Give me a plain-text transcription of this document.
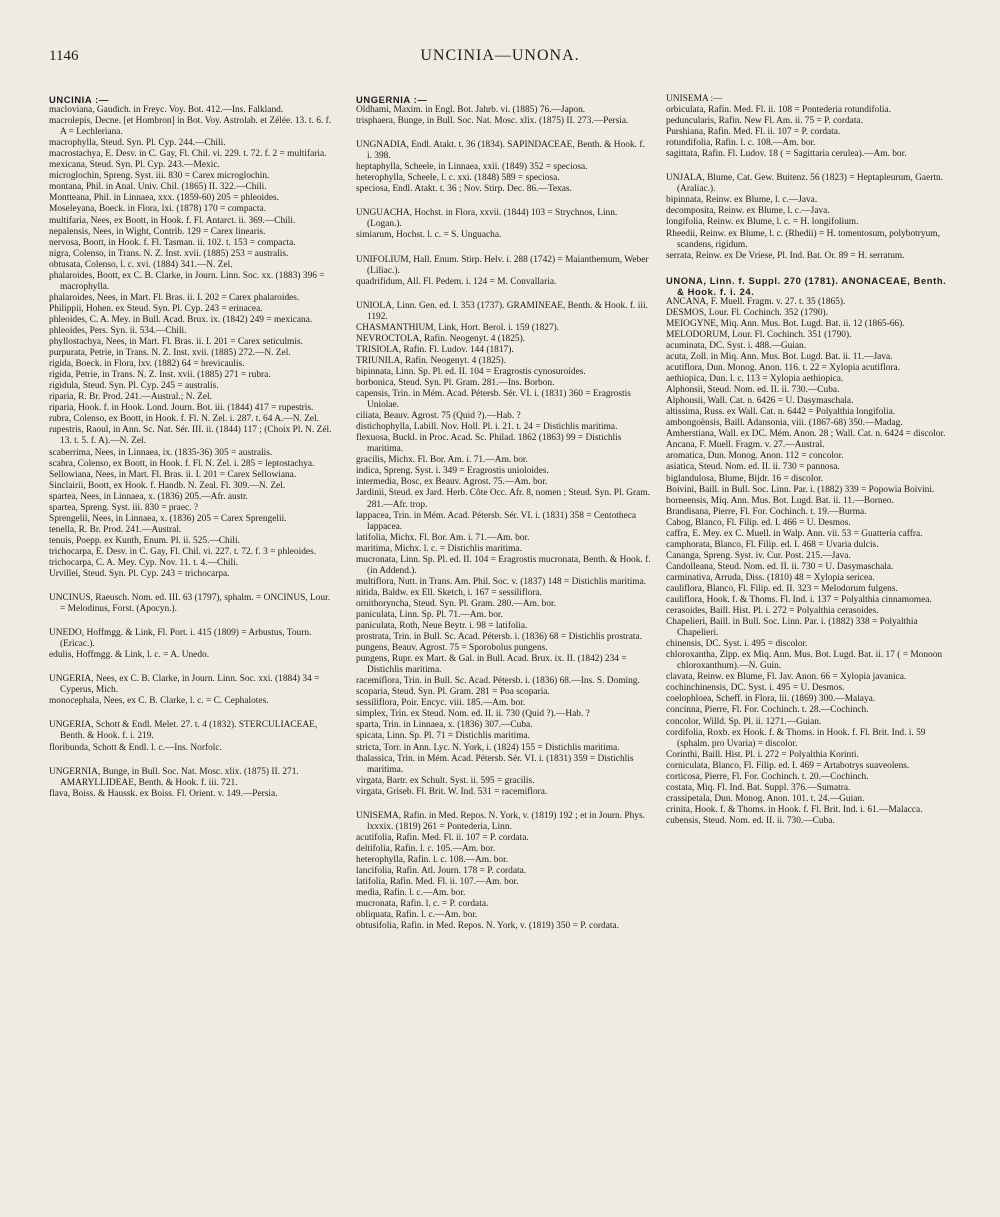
1146	UNCINIA—UNONA.
UNCINIA :—
macloviana, Gaudich. in Freyc. Voy. Bot. 412.—Ins. Falkland.
macrolepis, Decne. [et Hombron] in Bot. Voy. Astrolab. et Zélée. 13. t. 6. f. A = Lechleriana.
macrophylla, Steud. Syn. Pl. Cyp. 244.—Chili.
macrostachya, E. Desv. in C. Gay, Fl. Chil. vi. 229. t. 72. f. 2 = multifaria.
mexicana, Steud. Syn. Pl. Cyp. 243.—Mexic.
microglochin, Spreng. Syst. iii. 830 = Carex microglochin.
montana, Phil. in Anal. Univ. Chil. (1865) II. 322.—Chili.
Montteana, Phil. in Linnaea, xxx. (1859-60) 205 = phleoides.
Moseleyana, Boeck. in Flora, lxi. (1878) 170 = compacta.
multifaria, Nees, ex Boott, in Hook. f. Fl. Antarct. ii. 369.—Chili.
nepalensis, Nees, in Wight, Contrib. 129 = Carex linearis.
nervosa, Boott, in Hook. f. Fl. Tasman. ii. 102. t. 153 = compacta.
nigra, Colenso, in Trans. N. Z. Inst. xvii. (1885) 253 = australis.
obtusata, Colenso, l. c. xvi. (1884) 341.—N. Zel.
phalaroides, Boott, ex C. B. Clarke, in Journ. Linn. Soc. xx. (1883) 396 = macrophylla.
phalaroides, Nees, in Mart. Fl. Bras. ii. I. 202 = Carex phalaroides.
Philippii, Hohen. ex Steud. Syn. Pl. Cyp. 243 = erinacea.
phleoides, C. A. Mey. in Bull. Acad. Brux. ix. (1842) 249 = mexicana.
phleoides, Pers. Syn. ii. 534.—Chili.
phyllostachya, Nees, in Mart. Fl. Bras. ii. I. 201 = Carex seticulmis.
purpurata, Petrie, in Trans. N. Z. Inst. xvii. (1885) 272.—N. Zel.
rigida, Boeck. in Flora, lxv. (1882) 64 = brevicaulis.
rigida, Petrie, in Trans. N. Z. Inst. xvii. (1885) 271 = rubra.
rigidula, Steud. Syn. Pl. Cyp. 245 = australis.
riparia, R. Br. Prod. 241.—Austral.; N. Zel.
riparia, Hook. f. in Hook. Lond. Journ. Bot. iii. (1844) 417 = rupestris.
rubra, Colenso, ex Boott, in Hook. f. Fl. N. Zel. i. 287. t. 64 A.—N. Zel.
rupestris, Raoul, in Ann. Sc. Nat. Sér. III. ii. (1844) 117 ; (Choix Pl. N. Zél. 13. t. 5. f. A).—N. Zel.
scaberrima, Nees, in Linnaea, ix. (1835-36) 305 = australis.
scabra, Colenso, ex Boott, in Hook. f. Fl. N. Zel. i. 285 = leptostachya.
Sellowiana, Nees, in Mart. Fl. Bras. ii. I. 201 = Carex Sellowiana.
Sinclairii, Boott, ex Hook. f. Handb. N. Zeal. Fl. 309.—N. Zel.
spartea, Nees, in Linnaea, x. (1836) 205.—Afr. austr.
spartea, Spreng. Syst. iii. 830 = praec. ?
Sprengelii, Nees, in Linnaea, x. (1836) 205 = Carex Sprengelii.
tenella, R. Br. Prod. 241.—Austral.
tenuis, Poepp. ex Kunth, Enum. Pl. ii. 525.—Chili.
trichocarpa, E. Desv. in C. Gay, Fl. Chil. vi. 227. t. 72. f. 3 = phleoides.
trichocarpa, C. A. Mey. Cyp. Nov. 11. t. 4.—Chili.
Urvillei, Steud. Syn. Pl. Cyp. 243 = trichocarpa.
UNCINUS, Raeusch. Nom. ed. III. 63 (1797), sphalm. = ONCINUS, Lour. = Melodinus, Forst. (Apocyn.).
UNEDO, Hoffmgg. & Link, Fl. Port. i. 415 (1809) = Arbustus, Tourn. (Ericac.).
edulis, Hoffmgg. & Link, l. c. = A. Unedo.
UNGERIA, Nees, ex C. B. Clarke, in Journ. Linn. Soc. xxi. (1884) 34 = Cyperus, Mich.
monocephala, Nees, ex C. B. Clarke, l. c. = C. Cephalotes.
UNGERIA, Schott & Endl. Melet. 27. t. 4 (1832). STERCULIACEAE, Benth. & Hook. f. i. 219.
floribunda, Schott & Endl. l. c.—Ins. Norfolc.
UNGERNIA, Bunge, in Bull. Soc. Nat. Mosc. xlix. (1875) II. 271. AMARYLLIDEAE, Benth. & Hook. f. iii. 721.
flava, Boiss. & Haussk. ex Boiss. Fl. Orient. v. 149.—Persia.
UNGERNIA :—
Oldhami, Maxim. in Engl. Bot. Jahrb. vi. (1885) 76.—Japon.
trisphaera, Bunge, in Bull. Soc. Nat. Mosc. xlix. (1875) II. 273.—Persia.
UNGNADIA, Endl. Atakt. t. 36 (1834). SAPINDACEAE, Benth. & Hook. f. i. 398.
heptaphylla, Scheele, in Linnaea, xxii. (1849) 352 = speciosa.
heterophylla, Scheele, l. c. xxi. (1848) 589 = speciosa.
speciosa, Endl. Atakt. t. 36 ; Nov. Stirp. Dec. 86.—Texas.
UNGUACHA, Hochst. in Flora, xxvii. (1844) 103 = Strychnos, Linn. (Logan.).
simiarum, Hochst. l. c. = S. Unguacha.
UNIFOLIUM, Hall. Enum. Stirp. Helv. i. 288 (1742) = Maianthemum, Weber (Liliac.).
quadrifidum, All. Fl. Pedem. i. 124 = M. Convallaria.
UNIOLA, Linn. Gen. ed. I. 353 (1737). GRAMINEAE, Benth. & Hook. f. iii. 1192.
CHASMANTHIUM, Link, Hort. Berol. i. 159 (1827).
NEVROCTOLA, Rafin. Neogenyt. 4 (1825).
TRISIOLA, Rafin. Fl. Ludov. 144 (1817).
TRIUNILA, Rafin. Neogenyt. 4 (1825).
bipinnata, Linn. Sp. Pl. ed. II. 104 = Eragrostis cynosuroides.
borbonica, Steud. Syn. Pl. Gram. 281.—Ins. Borbon.
capensis, Trin. in Mém. Acad. Pétersb. Sér. VI. i. (1831) 360 = Eragrostis Uniolae.
ciliata, Beauv. Agrost. 75 (Quid ?).—Hab. ?
distichophylla, Labill. Nov. Holl. Pl. i. 21. t. 24 = Distichlis maritima.
flexuosa, Buckl. in Proc. Acad. Sc. Philad. 1862 (1863) 99 = Distichlis maritima.
gracilis, Michx. Fl. Bor. Am. i. 71.—Am. bor.
indica, Spreng. Syst. i. 349 = Eragrostis unioloides.
intermedia, Bosc, ex Beauv. Agrost. 75.—Am. bor.
Jardinii, Steud. ex Jard. Herb. Côte Occ. Afr. 8, nomen ; Steud. Syn. Pl. Gram. 281.—Afr. trop.
lappacea, Trin. in Mém. Acad. Pétersb. Sér. VI. i. (1831) 358 = Centotheca lappacea.
latifolia, Michx. Fl. Bor. Am. i. 71.—Am. bor.
maritima, Michx. l. c. = Distichlis maritima.
mucronata, Linn. Sp. Pl. ed. II. 104 = Eragrostis mucronata, Benth. & Hook. f. (in Addend.).
multiflora, Nutt. in Trans. Am. Phil. Soc. v. (1837) 148 = Distichlis maritima.
nitida, Baldw. ex Ell. Sketch, i. 167 = sessiliflora.
ornithoryncha, Steud. Syn. Pl. Gram. 280.—Am. bor.
paniculata, Linn. Sp. Pl. 71.—Am. bor.
paniculata, Roth, Neue Beytr. i. 98 = latifolia.
prostrata, Trin. in Bull. Sc. Acad. Pétersb. i. (1836) 68 = Distichlis prostrata.
pungens, Beauv. Agrost. 75 = Sporobolus pungens.
pungens, Rupr. ex Mart. & Gal. in Bull. Acad. Brux. ix. II. (1842) 234 = Distichlis maritima.
racemiflora, Trin. in Bull. Sc. Acad. Pétersb. i. (1836) 68.—Ins. S. Doming.
scoparia, Steud. Syn. Pl. Gram. 281 = Poa scoparia.
sessiliflora, Poir. Encyc. viii. 185.—Am. bor.
simplex, Trin. ex Steud. Nom. ed. II. ii. 730 (Quid ?).—Hab. ?
sparta, Trin. in Linnaea, x. (1836) 307.—Cuba.
spicata, Linn. Sp. Pl. 71 = Distichlis maritima.
stricta, Torr. in Ann. Lyc. N. York, i. (1824) 155 = Distichlis maritima.
thalassica, Trin. in Mém. Acad. Pétersb. Sér. VI. i. (1831) 359 = Distichlis maritima.
virgata, Bartr. ex Schult. Syst. ii. 595 = gracilis.
virgata, Griseb. Fl. Brit. W. Ind. 531 = racemiflora.
UNISEMA, Rafin. in Med. Repos. N. York, v. (1819) 192 ; et in Journ. Phys. lxxxix. (1819) 261 = Pontederia, Linn.
acutifolia, Rafin. Med. Fl. ii. 107 = P. cordata.
deltifolia, Rafin. l. c. 105.—Am. bor.
heterophylla, Rafin. l. c. 108.—Am. bor.
lancifolia, Rafin. Atl. Journ. 178 = P. cordata.
latifolia, Rafin. Med. Fl. ii. 107.—Am. bor.
media, Rafin. l. c.—Am. bor.
mucronata, Rafin. l. c. = P. cordata.
obliquata, Rafin. l. c.—Am. bor.
obtusifolia, Rafin. in Med. Repos. N. York, v. (1819) 350 = P. cordata.
UNISEMA :—
orbiculata, Rafin. Med. Fl. ii. 108 = Pontederia rotundifolia.
peduncularis, Rafin. New Fl. Am. ii. 75 = P. cordata.
Purshiana, Rafin. Med. Fl. ii. 107 = P. cordata.
rotundifolia, Rafin. l. c. 108.—Am. bor.
sagittata, Rafin. Fl. Ludov. 18 ( = Sagittaria cerulea).—Am. bor.
UNJALA, Blume, Cat. Gew. Buitenz. 56 (1823) = Heptapleurum, Gaertn. (Araliac.).
bipinnata, Reinw. ex Blume, l. c.—Java.
decomposita, Reinw. ex Blume, l. c.—Java.
longifolia, Reinw. ex Blume, l. c. = H. longifolium.
Rheedii, Reinw. ex Blume, l. c. (Rhedii) = H. tomentosum, polybotryum, scandens, rigidum.
serrata, Reinw. ex De Vriese, Pl. Ind. Bat. Or. 89 = H. serratum.
UNONA, Linn. f. Suppl. 270 (1781). ANONACEAE, Benth. & Hook. f. i. 24.
ANCANA, F. Muell. Fragm. v. 27. t. 35 (1865).
DESMOS, Lour. Fl. Cochinch. 352 (1790).
MEIOGYNE, Miq. Ann. Mus. Bot. Lugd. Bat. ii. 12 (1865-66).
MELODORUM, Lour. Fl. Cochinch. 351 (1790).
acuminata, DC. Syst. i. 488.—Guian.
acuta, Zoll. in Miq. Ann. Mus. Bot. Lugd. Bat. ii. 11.—Java.
acutiflora, Dun. Monog. Anon. 116. t. 22 = Xylopia acutiflora.
aethiopica, Dun. l. c. 113 = Xylopia aethiopica.
Alphonsii, Steud. Nom. ed. II. ii. 730.—Cuba.
Alphonsii, Wall. Cat. n. 6426 = U. Dasymaschala.
altissima, Russ. ex Wall. Cat. n. 6442 = Polyalthia longifolia.
ambongoënsis, Baill. Adansonia, viii. (1867-68) 350.—Madag.
Amherstiana, Wall. ex DC. Mém. Anon. 28 ; Wall. Cat. n. 6424 = discolor.
Ancana, F. Muell. Fragm. v. 27.—Austral.
aromatica, Dun. Monog. Anon. 112 = concolor.
asiatica, Steud. Nom. ed. II. ii. 730 = pannosa.
biglandulosa, Blume, Bijdr. 16 = discolor.
Boivini, Baill. in Bull. Soc. Linn. Par. i. (1882) 339 = Popowia Boivini.
borneensis, Miq. Ann. Mus. Bot. Lugd. Bat. ii. 11.—Borneo.
Brandisana, Pierre, Fl. For. Cochinch. t. 19.—Burma.
Cabog, Blanco, Fl. Filip. ed. I. 466 = U. Desmos.
caffra, E. Mey. ex C. Muell. in Walp. Ann. vii. 53 = Guatteria caffra.
camphorata, Blanco, Fl. Filip. ed. I. 468 = Uvaria dulcis.
Cananga, Spreng. Syst. iv. Cur. Post. 215.—Java.
Candolleana, Steud. Nom. ed. II. ii. 730 = U. Dasymaschala.
carminativa, Arruda, Diss. (1810) 48 = Xylopia sericea.
cauliflora, Blanco, Fl. Filip. ed. II. 323 = Melodorum fulgens.
cauliflora, Hook. f. & Thoms. Fl. Ind. i. 137 = Polyalthia cinnamomea.
cerasoides, Baill. Hist. Pl. i. 272 = Polyalthia cerasoides.
Chapelieri, Baill. in Bull. Soc. Linn. Par. i. (1882) 338 = Polyalthia Chapelieri.
chinensis, DC. Syst. i. 495 = discolor.
chloroxantha, Zipp. ex Miq. Ann. Mus. Bot. Lugd. Bat. ii. 17 ( = Monoon chloroxanthum).—N. Guin.
clavata, Reinw. ex Blume, Fl. Jav. Anon. 66 = Xylopia javanica.
cochinchinensis, DC. Syst. i. 495 = U. Desmos.
coelophloea, Scheff. in Flora, lii. (1869) 300.—Malaya.
concinna, Pierre, Fl. For. Cochinch. t. 28.—Cochinch.
concolor, Willd. Sp. Pl. ii. 1271.—Guian.
cordifolia, Roxb. ex Hook. f. & Thoms. in Hook. f. Fl. Brit. Ind. i. 59 (sphalm. pro Uvaria) = discolor.
Corinthi, Baill. Hist. Pl. i. 272 = Polyalthia Korinti.
corniculata, Blanco, Fl. Filip. ed. I. 469 = Artabotrys suaveolens.
corticosa, Pierre, Fl. For. Cochinch. t. 20.—Cochinch.
costata, Miq. Fl. Ind. Bat. Suppl. 376.—Sumatra.
crassipetala, Dun. Monog. Anon. 101. t. 24.—Guian.
crinita, Hook. f. & Thoms. in Hook. f. Fl. Brit. Ind. i. 61.—Malacca.
cubensis, Steud. Nom. ed. II. ii. 730.—Cuba.
